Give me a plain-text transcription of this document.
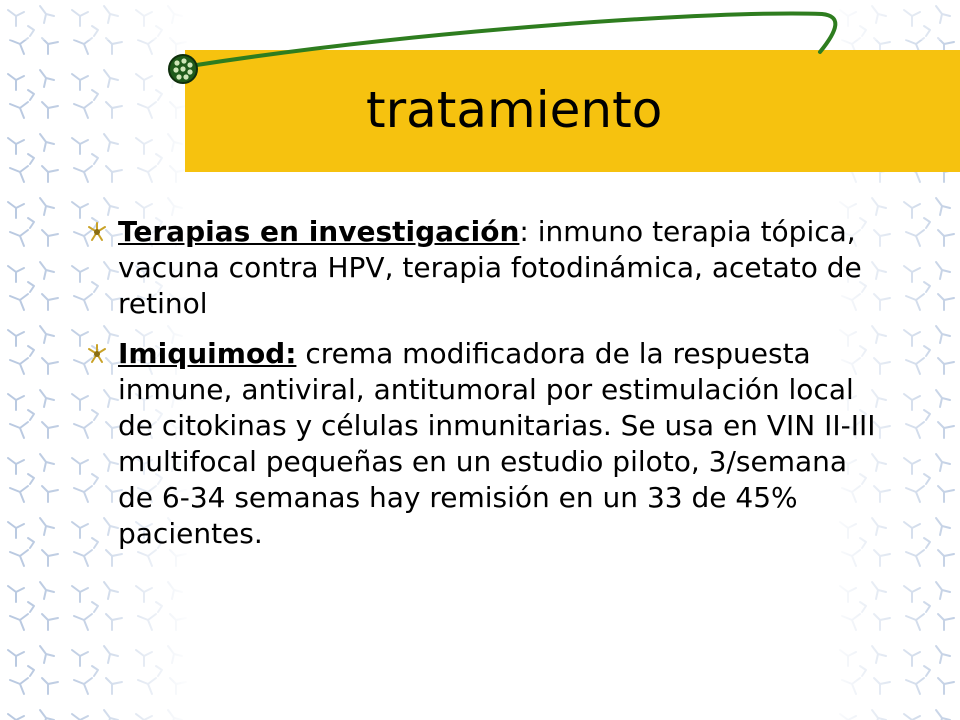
tratamiento
Terapias en investigación: inmuno terapia tópica, vacuna contra HPV, terapia fotodinámica, acetato de retinol
Imiquimod: crema modificadora de la respuesta inmune, antiviral, antitumoral por estimulación local de citokinas y células inmunitarias. Se usa en VIN II-III multifocal pequeñas en un estudio piloto, 3/semana de 6-34 semanas hay remisión en un 33 de 45% pacientes.
